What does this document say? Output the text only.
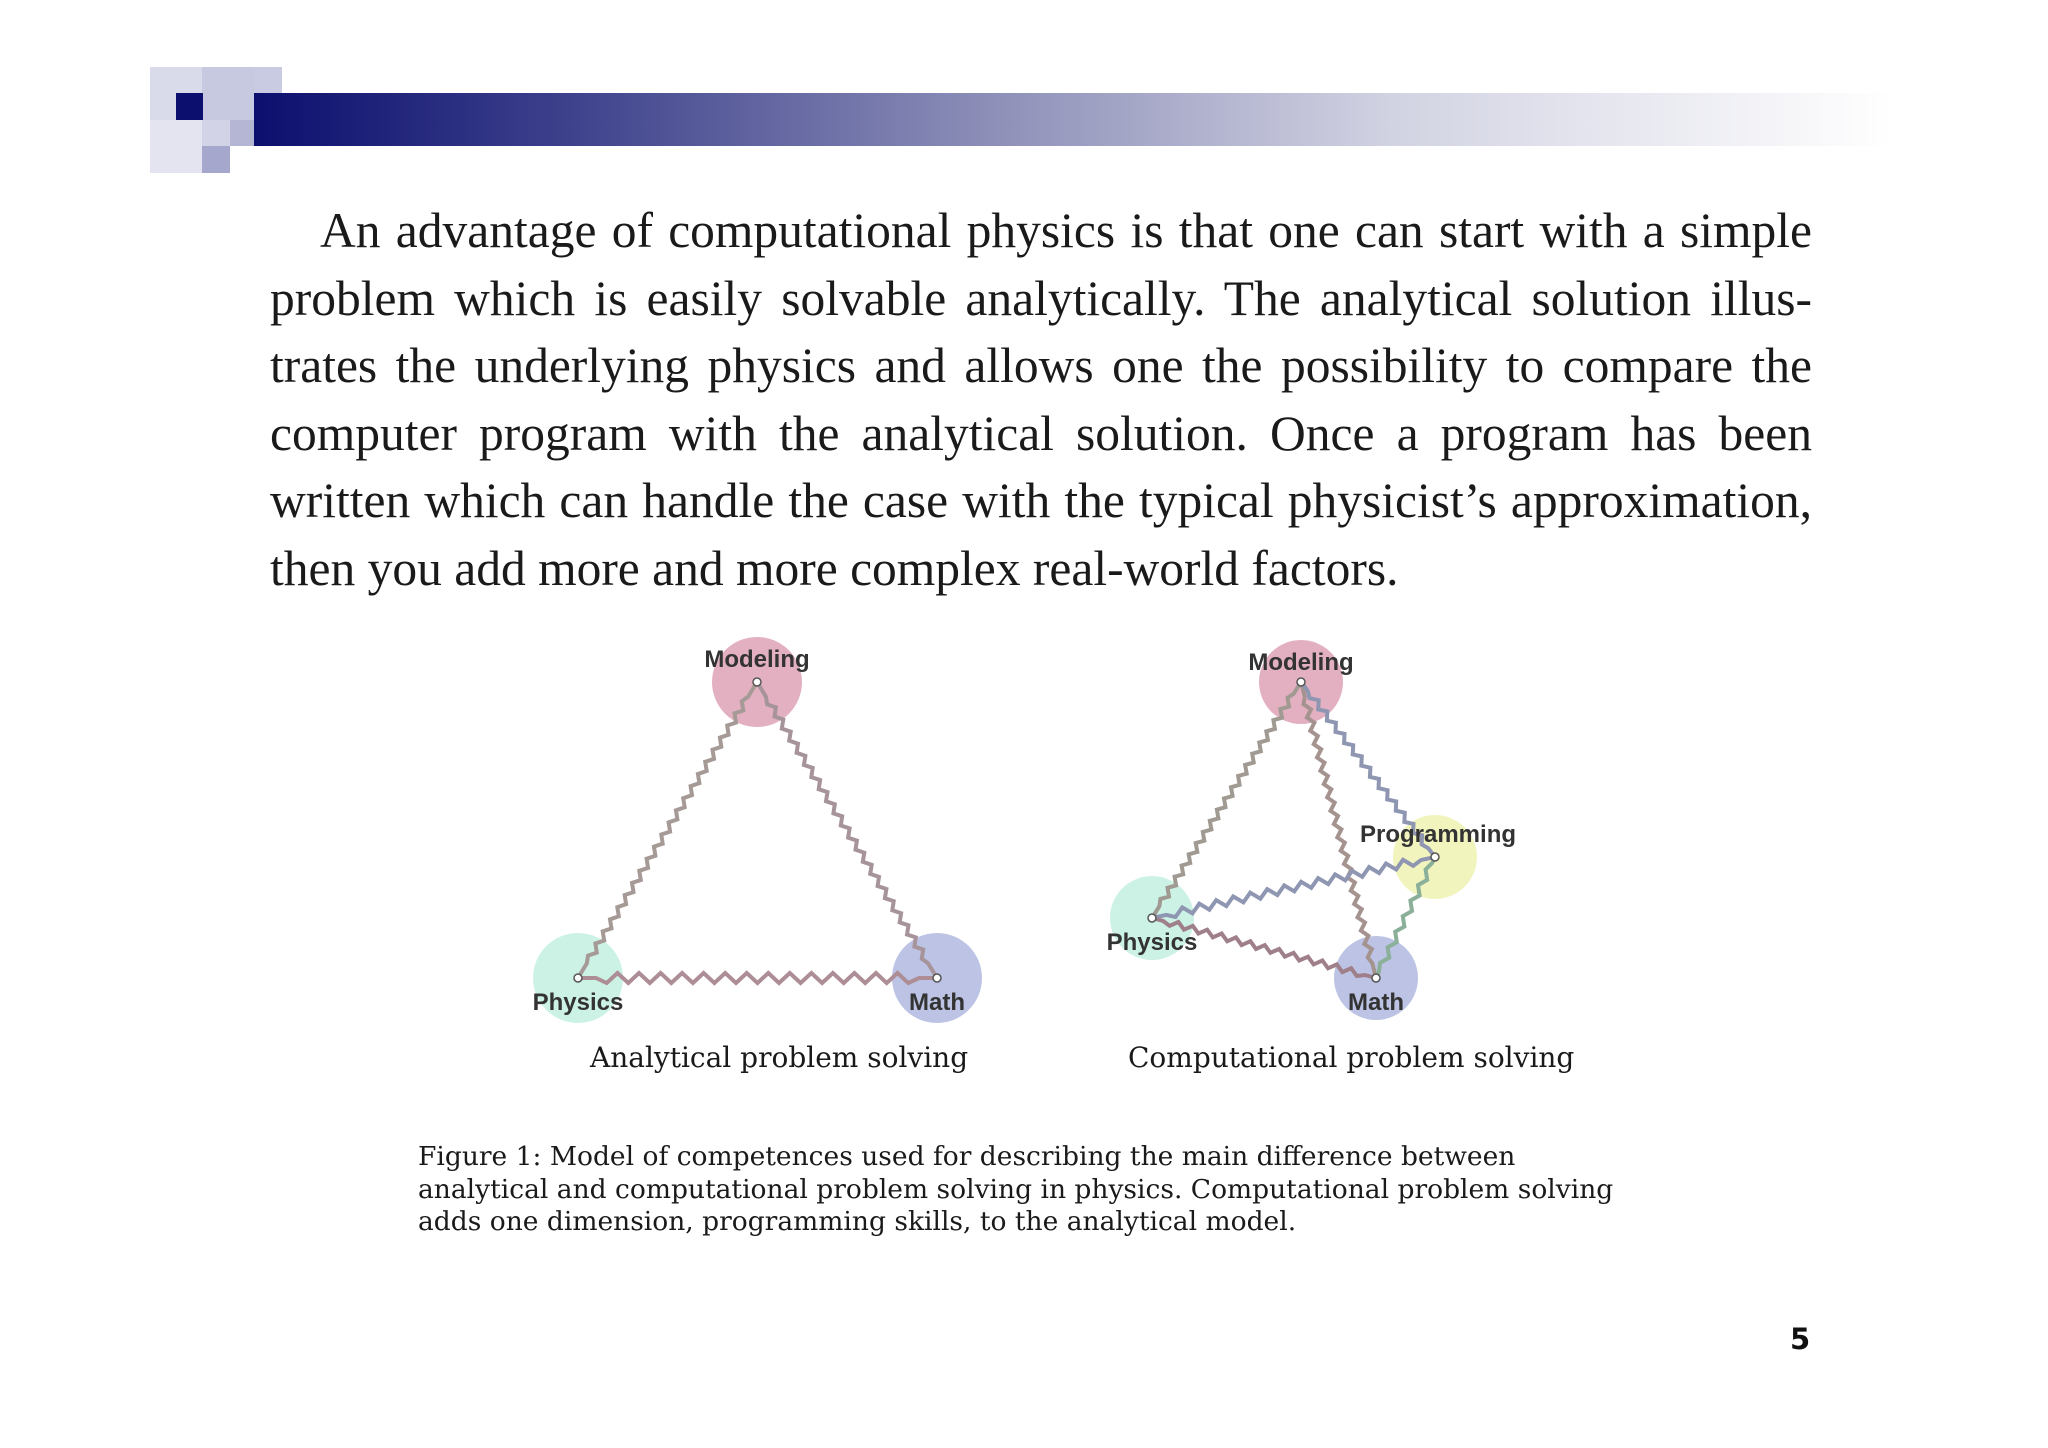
An advantage of computational physics is that one can start with a simple problem which is easily solvable analytically. The analytical solution illustrates the underlying physics and allows one the possibility to compare the computer program with the analytical solution. Once a program has been written which can handle the case with the typical physicist’s approximation, then you add more and more complex real-world factors.
Modeling
Physics	Math
Modeling
Programming
Physics
Math
Analytical problem solving	Computational problem solving
Figure 1: Model of competences used for describing the main difference between analytical and computational problem solving in physics. Computational problem solving adds one dimension, programming skills, to the analytical model.
5
